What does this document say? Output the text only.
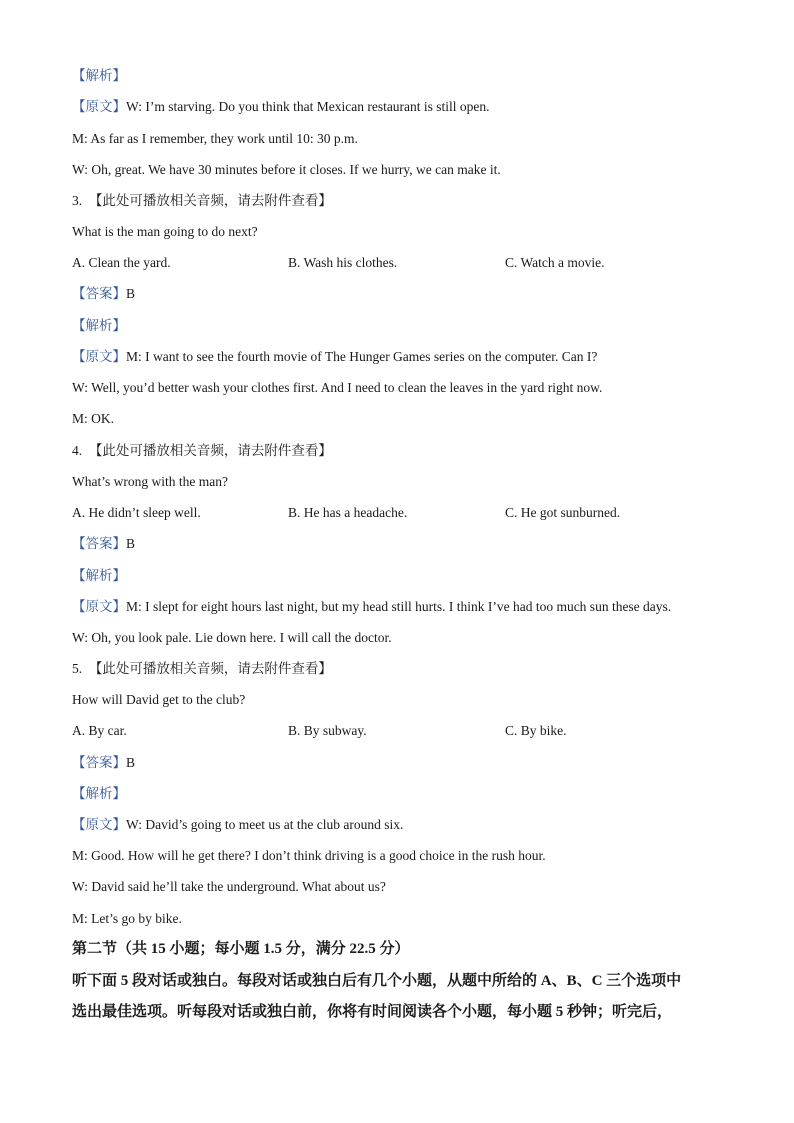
【解析】
【原文】W: I’m starving. Do you think that Mexican restaurant is still open.
M: As far as I remember, they work until 10: 30 p.m.
W: Oh, great. We have 30 minutes before it closes. If we hurry, we can make it.
3. 【此处可播放相关音频，请去附件查看】
What is the man going to do next?
A. Clean the yard.	B. Wash his clothes.	C. Watch a movie.
【答案】B
【解析】
【原文】M: I want to see the fourth movie of The Hunger Games series on the computer. Can I?
W: Well, you’d better wash your clothes first. And I need to clean the leaves in the yard right now.
M: OK.
4. 【此处可播放相关音频，请去附件查看】
What’s wrong with the man?
A. He didn’t sleep well.	B. He has a headache.	C. He got sunburned.
【答案】B
【解析】
【原文】M: I slept for eight hours last night, but my head still hurts. I think I’ve had too much sun these days.
W: Oh, you look pale. Lie down here. I will call the doctor.
5. 【此处可播放相关音频，请去附件查看】
How will David get to the club?
A. By car.	B. By subway.	C. By bike.
【答案】B
【解析】
【原文】W: David’s going to meet us at the club around six.
M: Good. How will he get there? I don’t think driving is a good choice in the rush hour.
W: David said he’ll take the underground. What about us?
M: Let’s go by bike.
第二节（共 15 小题；每小题 1.5 分，满分 22.5 分）
听下面 5 段对话或独白。每段对话或独白后有几个小题，从题中所给的 A、B、C 三个选项中
选出最佳选项。听每段对话或独白前，你将有时间阅读各个小题，每小题 5 秒钟；听完后，
